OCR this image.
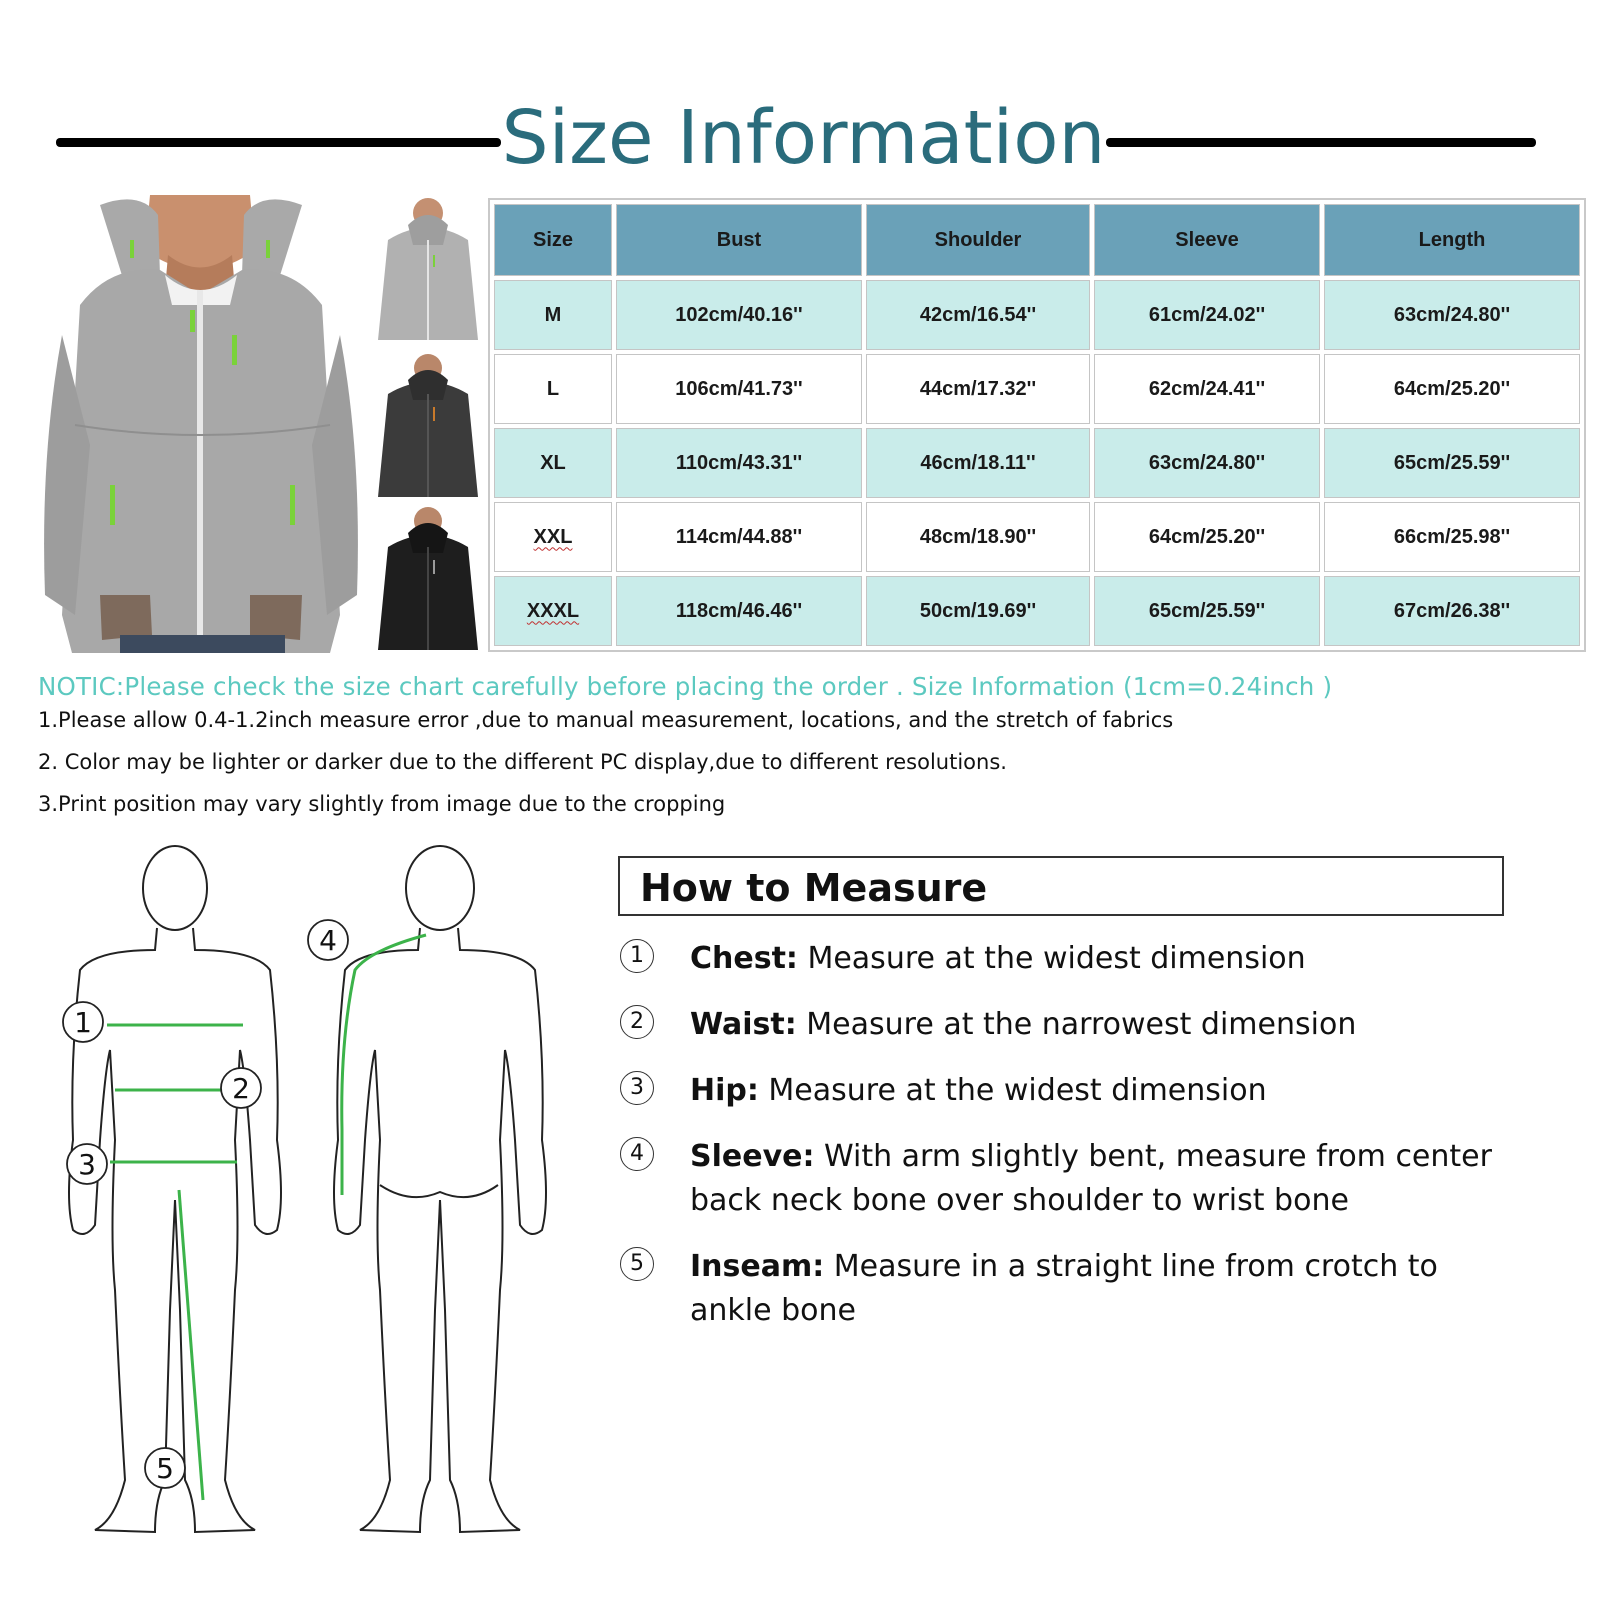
Size Information
Size	Bust	Shoulder	Sleeve	Length
M	102cm/40.16''	42cm/16.54''	61cm/24.02''	63cm/24.80''
L	106cm/41.73''	44cm/17.32''	62cm/24.41''	64cm/25.20''
XL	110cm/43.31''	46cm/18.11''	63cm/24.80''	65cm/25.59''
XXL	114cm/44.88''	48cm/18.90''	64cm/25.20''	66cm/25.98''
XXXL	118cm/46.46''	50cm/19.69''	65cm/25.59''	67cm/26.38''
NOTIC:Please check the size chart carefully before placing the order . Size Information (1cm=0.24inch )
1.Please allow 0.4-1.2inch measure error ,due to manual measurement, locations, and the stretch of fabrics
2. Color may be lighter or darker due to the different PC display,due to different resolutions.
3.Print position may vary slightly from image due to the cropping
1
2
3
5
4
How to Measure
1	Chest: Measure at the widest dimension
2	Waist: Measure at the narrowest dimension
3	Hip: Measure at the widest dimension
4	Sleeve: With arm slightly bent, measure from center back neck bone over shoulder to wrist bone
5	Inseam: Measure in a straight line from crotch to ankle bone
